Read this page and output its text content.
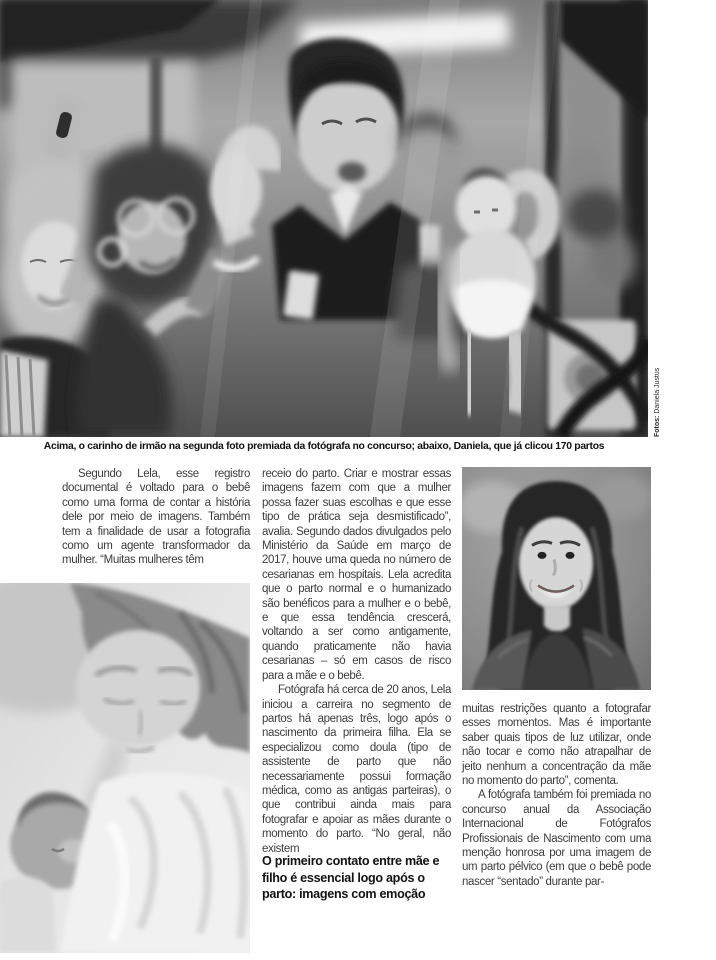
Fotos: Daniela Justus
Acima, o carinho de irmão na segunda foto premiada da fotógrafa no concurso; abaixo, Daniela, que já clicou 170 partos

Segundo Lela, esse registro documental é voltado para o bebê como uma forma de contar a história dele por meio de imagens. Também tem a finalidade de usar a fotografia como um agente transformador da mulher. “Muitas mulheres têm

receio do parto. Criar e mostrar essas imagens fazem com que a mulher possa fazer suas escolhas e que esse tipo de prática seja desmistificado”, avalia. Segundo dados divulgados pelo Ministério da Saúde em março de 2017, houve uma queda no número de cesarianas em hospitais. Lela acredita que o parto normal e o humanizado são benéficos para a mulher e o bebê, e que essa tendência crescerá, voltando a ser como antigamente, quando praticamente não havia cesarianas – só em casos de risco para a mãe e o bebê.

Fotógrafa há cerca de 20 anos, Lela iniciou a carreira no segmento de partos há apenas três, logo após o nascimento da primeira filha. Ela se especializou como doula (tipo de assistente de parto que não necessariamente possui formação médica, como as antigas parteiras), o que contribui ainda mais para fotografar e apoiar as mães durante o momento do parto. “No geral, não existem

O primeiro contato entre mãe e filho é essencial logo após o parto: imagens com emoção

muitas restrições quanto a fotografar esses momentos. Mas é importante saber quais tipos de luz utilizar, onde não tocar e como não atrapalhar de jeito nenhum a concentração da mãe no momento do parto”, comenta.

A fotógrafa também foi premiada no concurso anual da Associação Internacional de Fotógrafos Profissionais de Nascimento com uma menção honrosa por uma imagem de um parto pélvico (em que o bebê pode nascer “sentado” durante par-
